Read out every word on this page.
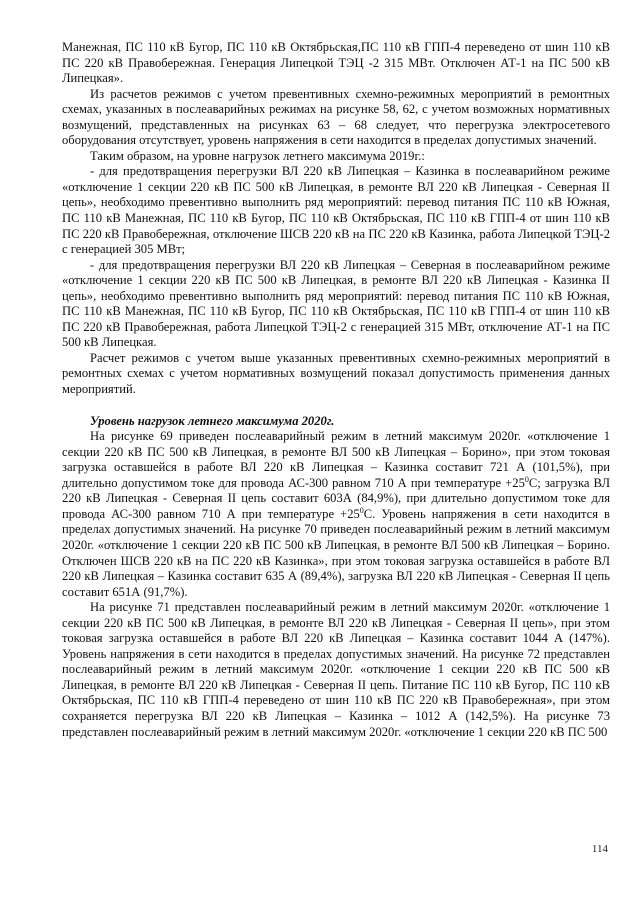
Манежная, ПС 110 кВ Бугор, ПС 110 кВ Октябрьская,ПС 110 кВ ГПП-4 переведено от шин 110 кВ ПС 220 кВ Правобережная. Генерация Липецкой ТЭЦ -2 315 МВт. Отключен АТ-1 на ПС 500 кВ Липецкая».

Из расчетов режимов с учетом превентивных схемно-режимных мероприятий в ремонтных схемах, указанных в послеаварийных режимах на рисунке 58, 62, с учетом возможных нормативных возмущений, представленных на рисунках 63 – 68 следует, что перегрузка электросетевого оборудования отсутствует, уровень напряжения в сети находится в пределах допустимых значений.

Таким образом, на уровне нагрузок летнего максимума 2019г.:

- для предотвращения перегрузки ВЛ 220 кВ Липецкая – Казинка в послеаварийном режиме «отключение 1 секции 220 кВ ПС 500 кВ Липецкая, в ремонте ВЛ 220 кВ Липецкая - Северная II цепь», необходимо превентивно выполнить ряд мероприятий: перевод питания ПС 110 кВ Южная, ПС 110 кВ Манежная, ПС 110 кВ Бугор, ПС 110 кВ Октябрьская, ПС 110 кВ ГПП-4 от шин 110 кВ ПС 220 кВ Правобережная, отключение ШСВ 220 кВ на ПС 220 кВ Казинка, работа Липецкой ТЭЦ-2 с генерацией 305 МВт;

- для предотвращения перегрузки ВЛ 220 кВ Липецкая – Северная в послеаварийном режиме «отключение 1 секции 220 кВ ПС 500 кВ Липецкая, в ремонте ВЛ 220 кВ Липецкая - Казинка II цепь», необходимо превентивно выполнить ряд мероприятий: перевод питания ПС 110 кВ Южная, ПС 110 кВ Манежная, ПС 110 кВ Бугор, ПС 110 кВ Октябрьская, ПС 110 кВ ГПП-4 от шин 110 кВ ПС 220 кВ Правобережная, работа Липецкой ТЭЦ-2 с генерацией 315 МВт, отключение АТ-1 на ПС 500 кВ Липецкая.

Расчет режимов с учетом выше указанных превентивных схемно-режимных мероприятий в ремонтных схемах с учетом нормативных возмущений показал допустимость применения данных мероприятий.

Уровень нагрузок летнего максимума 2020г.

На рисунке 69 приведен послеаварийный режим в летний максимум 2020г. «отключение 1 секции 220 кВ ПС 500 кВ Липецкая, в ремонте ВЛ 500 кВ Липецкая – Борино», при этом токовая загрузка оставшейся в работе ВЛ 220 кВ Липецкая – Казинка составит 721 А (101,5%), при длительно допустимом токе для провода АС-300 равном 710 А при температуре $+25^0С$; загрузка ВЛ 220 кВ Липецкая - Северная II цепь составит 603А (84,9%), при длительно допустимом токе для провода АС-300 равном 710 А при температуре $+25^0С$. Уровень напряжения в сети находится в пределах допустимых значений. На рисунке 70 приведен послеаварийный режим в летний максимум 2020г. «отключение 1 секции 220 кВ ПС 500 кВ Липецкая, в ремонте ВЛ 500 кВ Липецкая – Борино. Отключен ШСВ 220 кВ на ПС 220 кВ Казинка», при этом токовая загрузка оставшейся в работе ВЛ 220 кВ Липецкая – Казинка составит 635 А (89,4%), загрузка ВЛ 220 кВ Липецкая - Северная II цепь составит 651А (91,7%).

На рисунке 71 представлен послеаварийный режим в летний максимум 2020г. «отключение 1 секции 220 кВ ПС 500 кВ Липецкая, в ремонте ВЛ 220 кВ Липецкая - Северная II цепь», при этом токовая загрузка оставшейся в работе ВЛ 220 кВ Липецкая – Казинка составит 1044 А (147%). Уровень напряжения в сети находится в пределах допустимых значений. На рисунке 72 представлен послеаварийный режим в летний максимум 2020г. «отключение 1 секции 220 кВ ПС 500 кВ Липецкая, в ремонте ВЛ 220 кВ Липецкая - Северная II цепь. Питание ПС 110 кВ Бугор, ПС 110 кВ Октябрьская, ПС 110 кВ ГПП-4 переведено от шин 110 кВ ПС 220 кВ Правобережная», при этом сохраняется перегрузка ВЛ 220 кВ Липецкая – Казинка – 1012 А (142,5%). На рисунке 73 представлен послеаварийный режим в летний максимум 2020г. «отключение 1 секции 220 кВ ПС 500

114
